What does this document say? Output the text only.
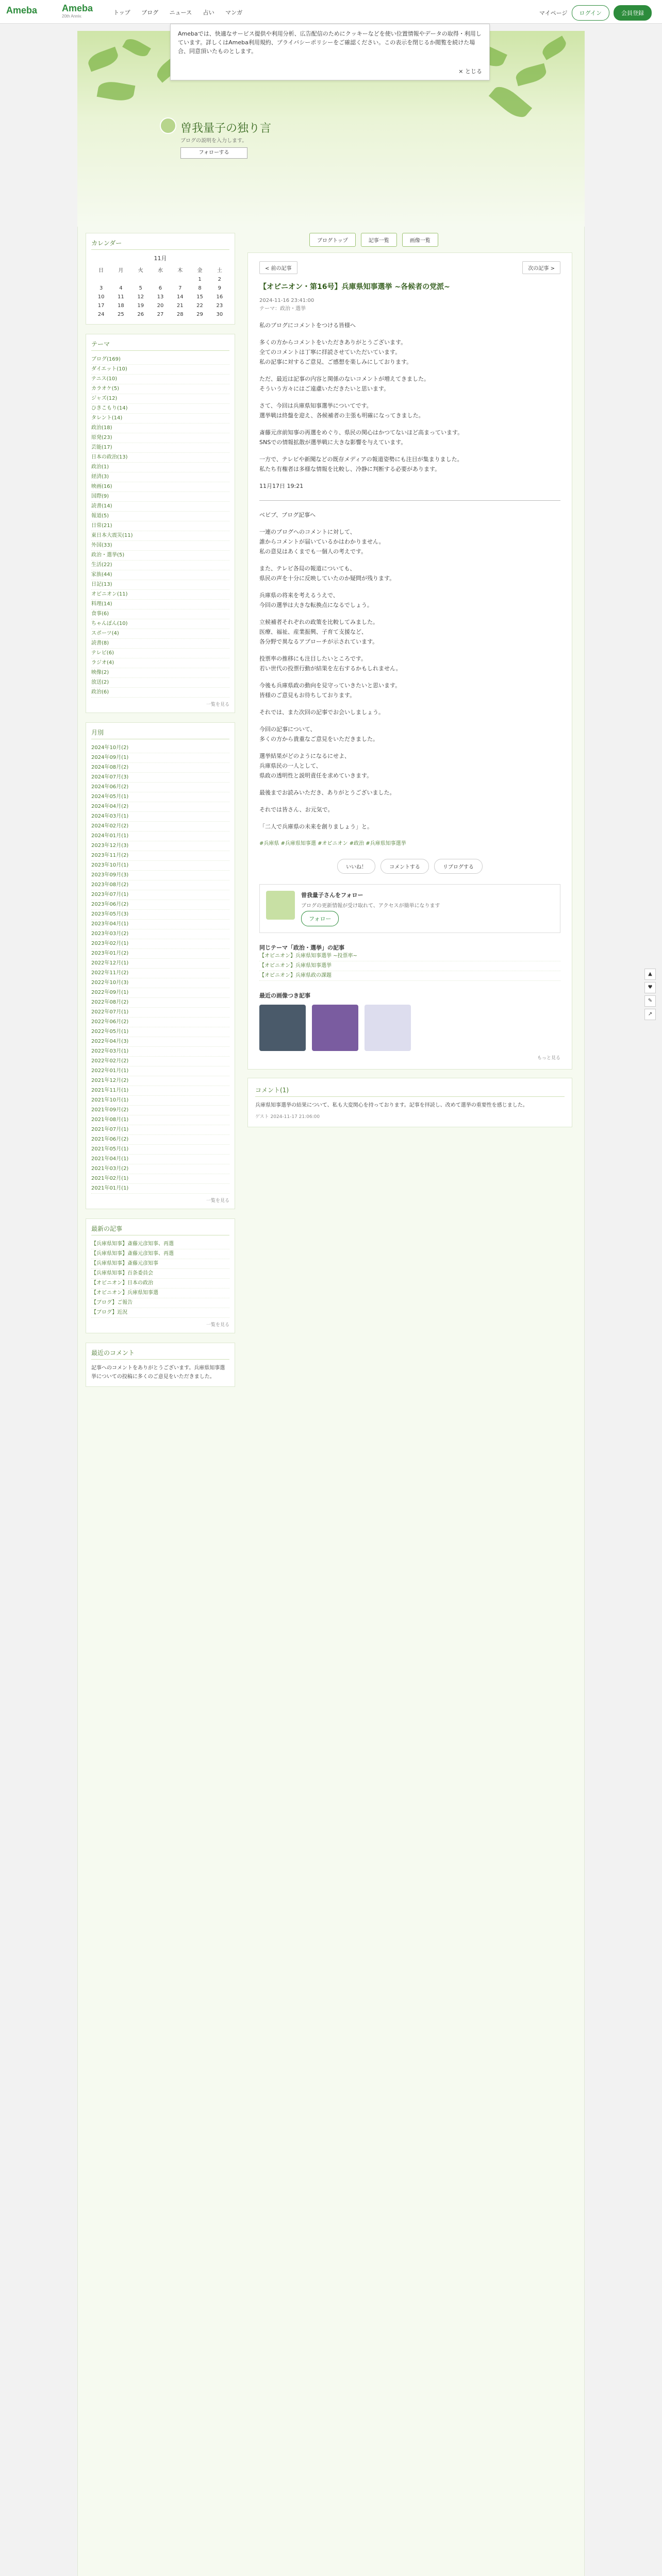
Ameba	Ameba
20th Anniv.
トップ ブログ ニュース 占い マンガ	マイページ	ログイン	会員登録
曽我量子の独り言
ブログの説明を入力します。
フォローする
Amebaでは、快適なサービス提供や利用分析、広告配信のためにクッキーなどを使い位置情報やデータの取得・利用しています。詳しくはAmeba利用規約、プライバシーポリシーをご確認ください。この表示を閉じるか閲覧を続けた場合、同意頂いたものとします。
× とじる
ブログトップ	記事一覧	画像一覧
カレンダー
11月
日	月	火	水	木	金	土
					1	2
3	4	5	6	7	8	9
10	11	12	13	14	15	16
17	18	19	20	21	22	23
24	25	26	27	28	29	30
テーマ
ブログ(169)
ダイエット(10)
テニス(10)
カラオケ(5)
ジャズ(12)
ひきこもり(14)
タレント(14)
政治(18)
原発(23)
芸能(17)
日本の政治(13)
政治(1)
経済(3)
映画(16)
国際(9)
読書(14)
報道(5)
日常(21)
東日本大震災(11)
外国(33)
政治・選挙(5)
生活(22)
家族(44)
日記(13)
オピニオン(11)
料理(14)
食事(6)
ちゃんぽん(10)
スポーツ(4)
読書(8)
テレビ(6)
ラジオ(4)
映像(2)
放送(2)
政治(6)
一覧を見る
月別
2024年10月(2)
2024年09月(1)
2024年08月(2)
2024年07月(3)
2024年06月(2)
2024年05月(1)
2024年04月(2)
2024年03月(1)
2024年02月(2)
2024年01月(1)
2023年12月(3)
2023年11月(2)
2023年10月(1)
2023年09月(3)
2023年08月(2)
2023年07月(1)
2023年06月(2)
2023年05月(3)
2023年04月(1)
2023年03月(2)
2023年02月(1)
2023年01月(2)
2022年12月(1)
2022年11月(2)
2022年10月(3)
2022年09月(1)
2022年08月(2)
2022年07月(1)
2022年06月(2)
2022年05月(1)
2022年04月(3)
2022年03月(1)
2022年02月(2)
2022年01月(1)
2021年12月(2)
2021年11月(1)
2021年10月(1)
2021年09月(2)
2021年08月(1)
2021年07月(1)
2021年06月(2)
2021年05月(1)
2021年04月(1)
2021年03月(2)
2021年02月(1)
2021年01月(1)
一覧を見る
最新の記事
【兵庫県知事】斎藤元彦知事、再選
【兵庫県知事】斎藤元彦知事、再選
【兵庫県知事】斎藤元彦知事
【兵庫県知事】百条委員会
【オピニオン】日本の政治
【オピニオン】兵庫県知事選
【ブログ】ご報告
【ブログ】近況
一覧を見る
最近のコメント
記事へのコメントをありがとうございます。兵庫県知事選挙についての投稿に多くのご意見をいただきました。
< 前の記事	次の記事 >
【オピニオン・第16号】兵庫県知事選挙 ~各候者の党派~
2024-11-16 23:41:00
テーマ：政治・選挙

私のブログにコメントをつける皆様へ

多くの方からコメントをいただきありがとうございます。
全てのコメントは丁寧に拝読させていただいています。
私の記事に対するご意見、ご感想を楽しみにしております。

ただ、最近は記事の内容と関係のないコメントが増えてきました。
そういう方々にはご遠慮いただきたいと思います。

さて、今回は兵庫県知事選挙についてです。
選挙戦は終盤を迎え、各候補者の主張も明確になってきました。

斎藤元彦前知事の再選をめぐり、県民の関心はかつてないほど高まっています。
SNSでの情報拡散が選挙戦に大きな影響を与えています。

一方で、テレビや新聞などの既存メディアの報道姿勢にも注目が集まりました。
私たち有権者は多様な情報を比較し、冷静に判断する必要があります。

11月17日 19:21

ベビブ、ブログ記事へ

一連のブログへのコメントに対して、
誰からコメントが届いているかはわかりません。
私の意見はあくまでも一個人の考えです。

また、テレビ各局の報道についても、
県民の声を十分に反映していたのか疑問が残ります。

兵庫県の将来を考えるうえで、
今回の選挙は大きな転換点になるでしょう。

立候補者それぞれの政策を比較してみました。
医療、福祉、産業振興、子育て支援など、
各分野で異なるアプローチが示されています。

投票率の推移にも注目したいところです。
若い世代の投票行動が結果を左右するかもしれません。

今後も兵庫県政の動向を見守っていきたいと思います。
皆様のご意見もお待ちしております。

それでは、また次回の記事でお会いしましょう。

今回の記事について、
多くの方から貴重なご意見をいただきました。

選挙結果がどのようになるにせよ、
兵庫県民の一人として、
県政の透明性と説明責任を求めていきます。

最後までお読みいただき、ありがとうございました。

それでは皆さん、お元気で。

「二人で兵庫県の未来を創りましょう」と。

#兵庫県 #兵庫県知事選 #オピニオン #政治 #兵庫県知事選挙
いいね！	コメントする	リブログする
曽我量子さんをフォロー
ブログの更新情報が受け取れて、アクセスが簡単になります
フォロー
同じテーマ「政治・選挙」の記事
【オピニオン】兵庫県知事選挙 ~投票率~
【オピニオン】兵庫県知事選挙
【オピニオン】兵庫県政の課題
最近の画像つき記事
もっと見る
コメント(1)
兵庫県知事選挙の結果について、私も大変関心を持っております。記事を拝読し、改めて選挙の重要性を感じました。
ゲスト 2024-11-17 21:06:00
▲
♥
✎
↗
